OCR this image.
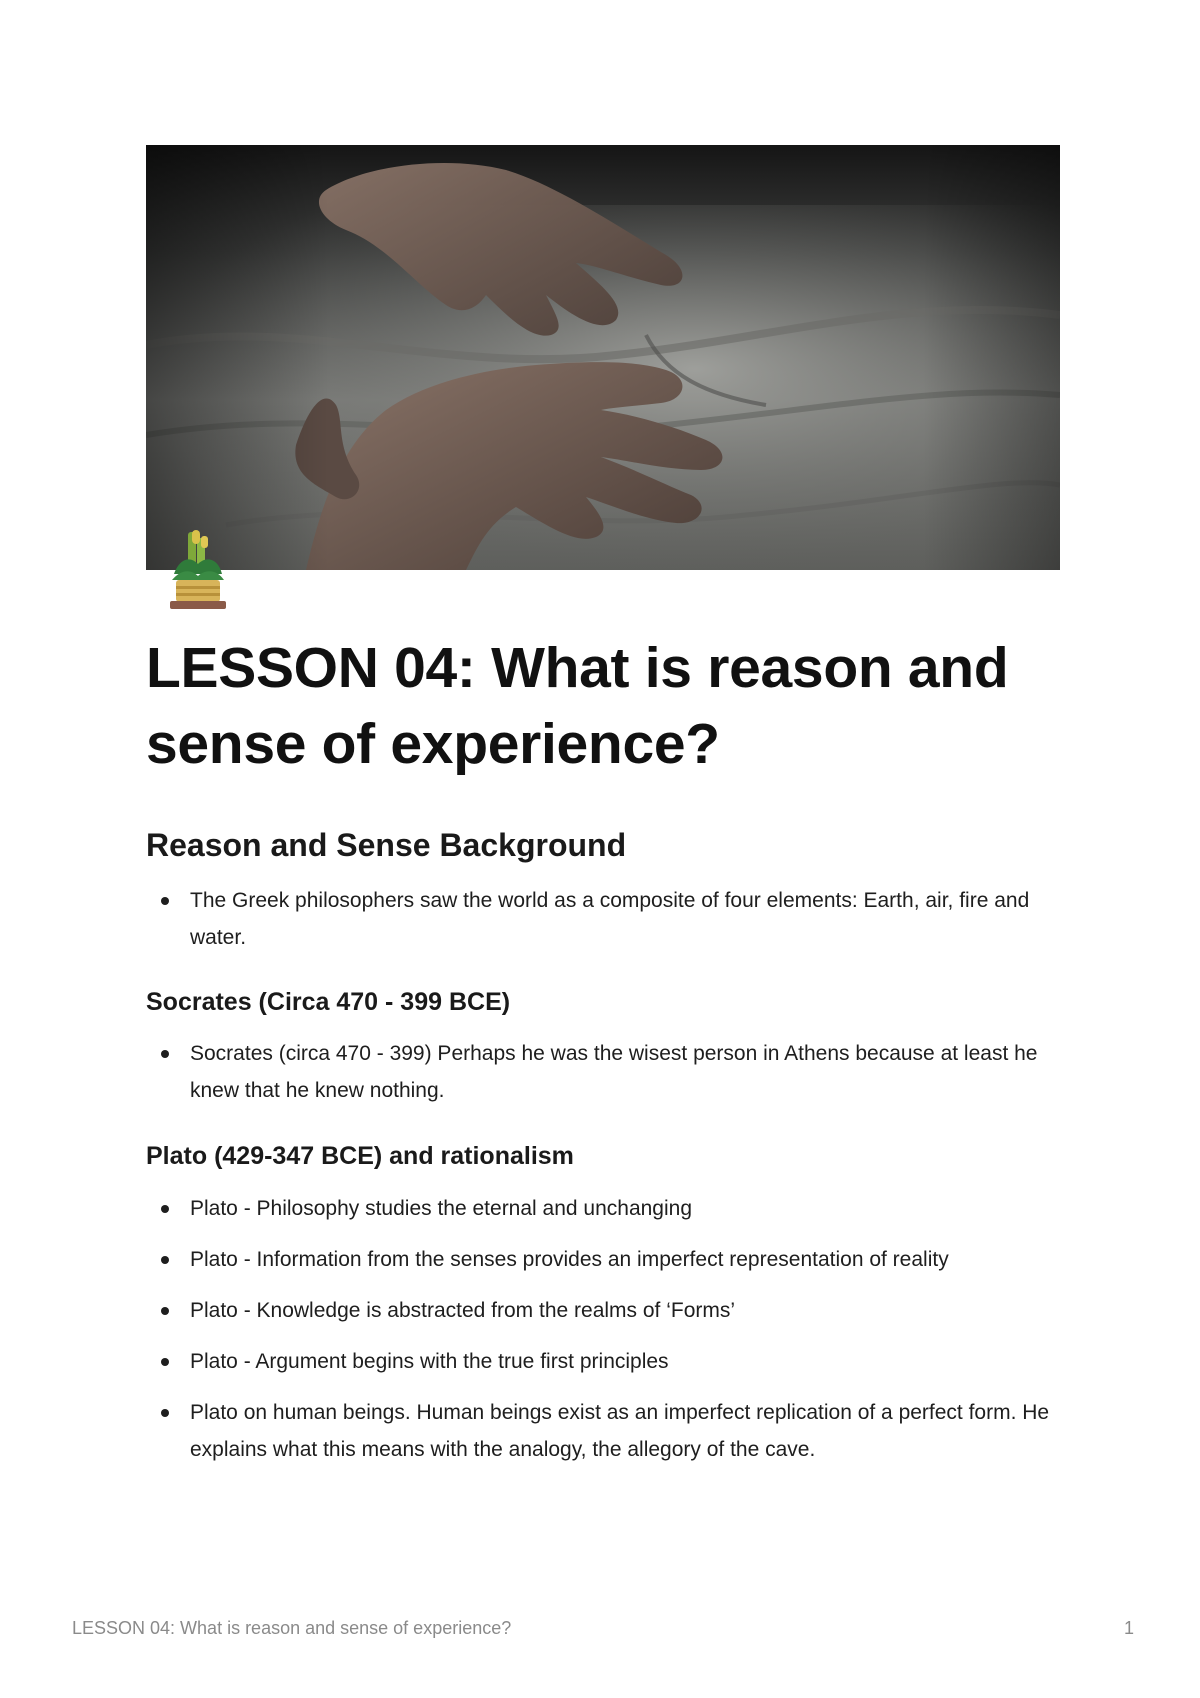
LESSON 04: What is reason and sense of experience?
Reason and Sense Background
The Greek philosophers saw the world as a composite of four elements: Earth, air, fire and water.
Socrates (Circa 470 - 399 BCE)
Socrates (circa 470 - 399) Perhaps he was the wisest person in Athens because at least he knew that he knew nothing.
Plato (429-347 BCE) and rationalism
Plato - Philosophy studies the eternal and unchanging
Plato - Information from the senses provides an imperfect representation of reality
Plato - Knowledge is abstracted from the realms of ‘Forms’
Plato - Argument begins with the true first principles
Plato on human beings. Human beings exist as an imperfect replication of a perfect form. He explains what this means with the analogy, the allegory of the cave.
LESSON 04: What is reason and sense of experience?	1
